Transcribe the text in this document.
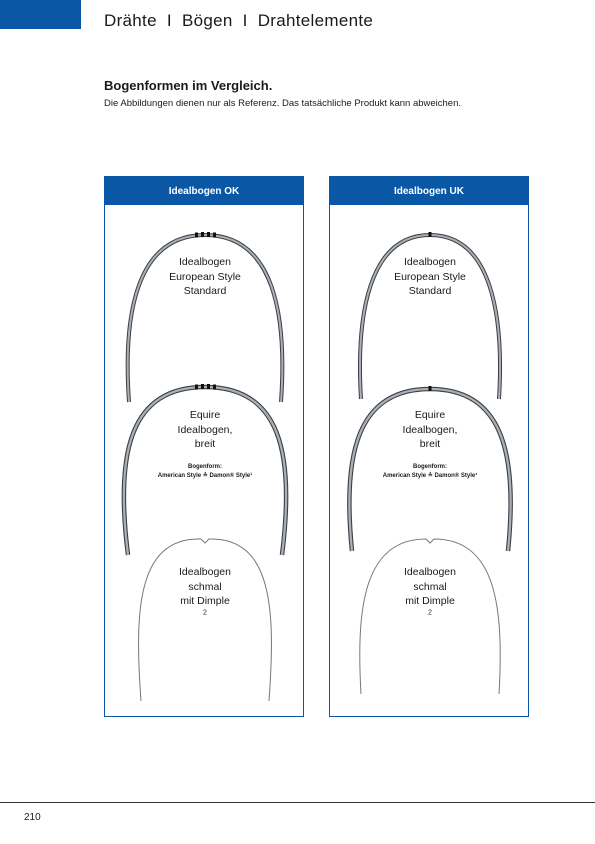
Drähte  I  Bögen  I  Drahtelemente
Bogenformen im Vergleich.
Die Abbildungen dienen nur als Referenz. Das tatsächliche Produkt kann abweichen.
Idealbogen OK
Idealbogen
European Style
Standard
Equire
Idealbogen,
breit
Bogenform:
American Style ≙ Damon® Style¹
Idealbogen
schmal
mit Dimple
$^2$
Idealbogen UK
Idealbogen
European Style
Standard
Equire
Idealbogen,
breit
Bogenform:
American Style ≙ Damon® Style¹
Idealbogen
schmal
mit Dimple
$^2$
210
